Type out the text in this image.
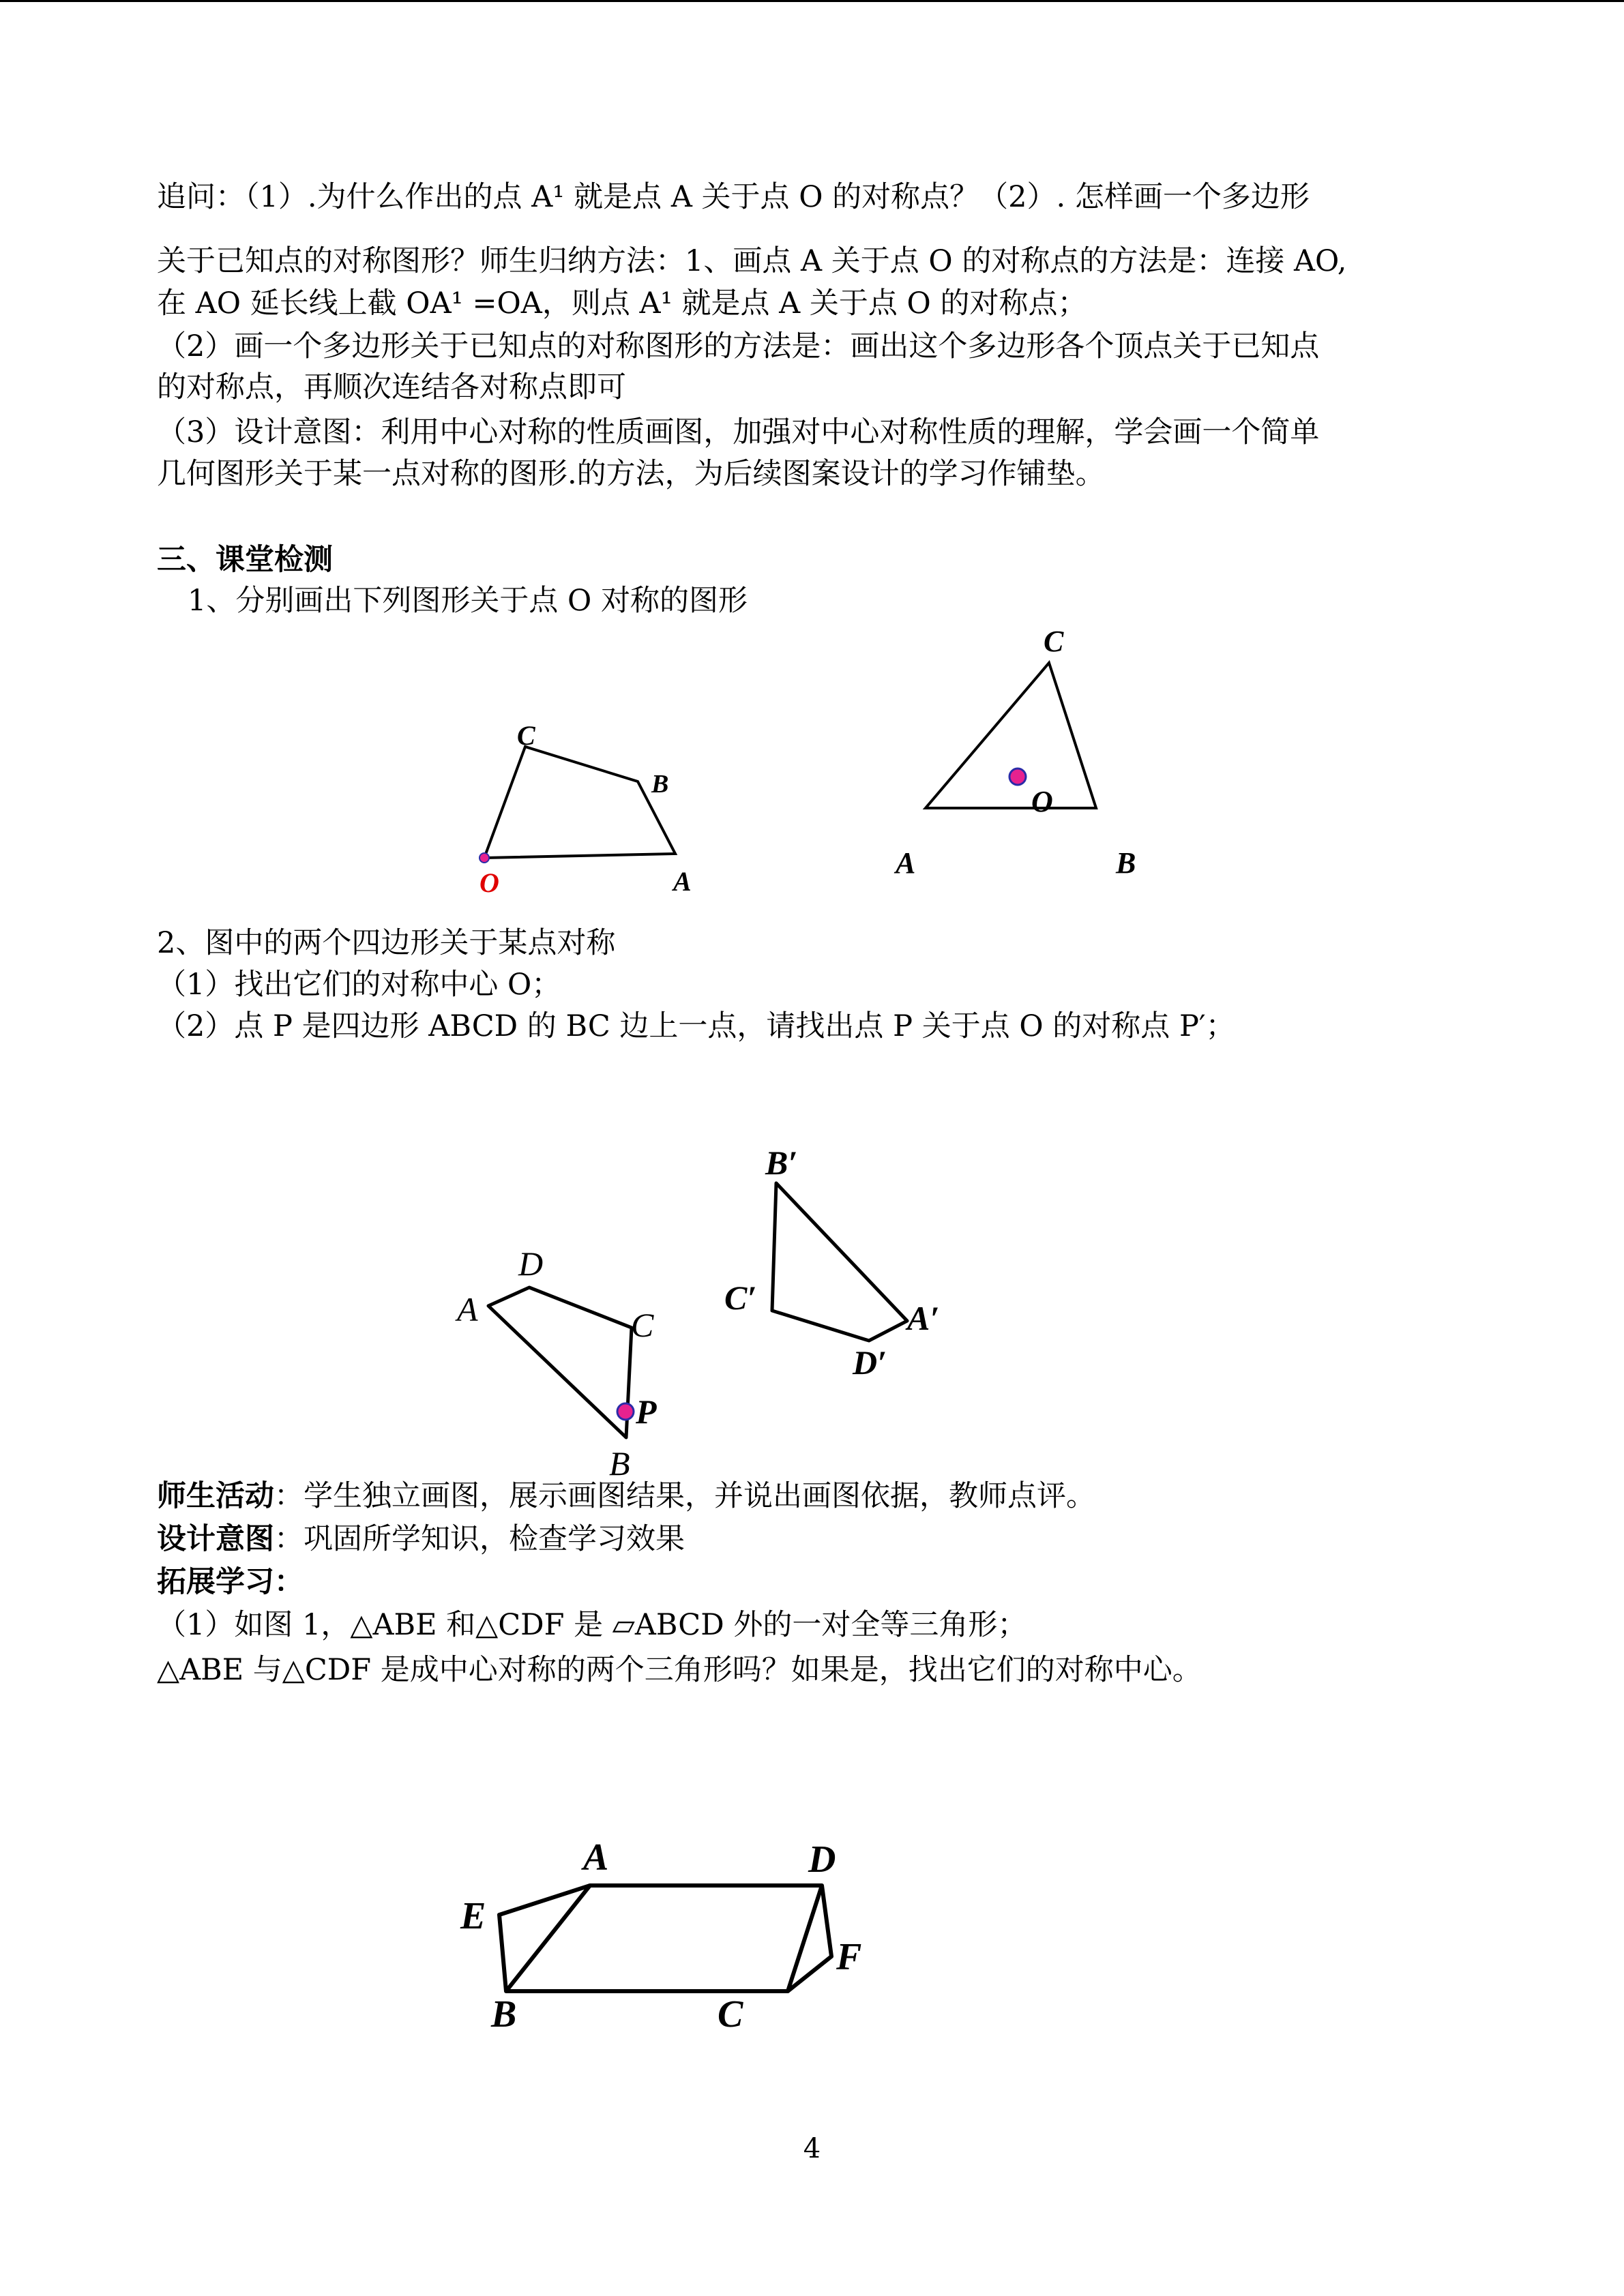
追问：（1）.为什么作出的点 A¹ 就是点 A 关于点 O 的对称点？（2）. 怎样画一个多边形
关于已知点的对称图形？师生归纳方法：1、画点 A 关于点 O 的对称点的方法是：连接 AO,
在 AO 延长线上截 OA¹ =OA，则点 A¹ 就是点 A 关于点 O 的对称点；
（2）画一个多边形关于已知点的对称图形的方法是：画出这个多边形各个顶点关于已知点
的对称点，再顺次连结各对称点即可
（3）设计意图：利用中心对称的性质画图，加强对中心对称性质的理解，学会画一个简单
几何图形关于某一点对称的图形.的方法，为后续图案设计的学习作铺垫。
三、课堂检测
1、分别画出下列图形关于点 O 对称的图形
C
B
O	A
C
O
A	B
2、图中的两个四边形关于某点对称
（1）找出它们的对称中心 O；
（2）点 P 是四边形 ABCD 的 BC 边上一点，请找出点 P 关于点 O 的对称点 P′；
A
D
C
P
B
B′
C′
A′
D′
师生活动：学生独立画图，展示画图结果，并说出画图依据，教师点评。
设计意图：巩固所学知识，检查学习效果
拓展学习：
（1）如图 1，△ABE 和△CDF 是 ▱ABCD 外的一对全等三角形；
△ABE 与△CDF 是成中心对称的两个三角形吗？如果是，找出它们的对称中心。
A	D
E
F
B	C
4
